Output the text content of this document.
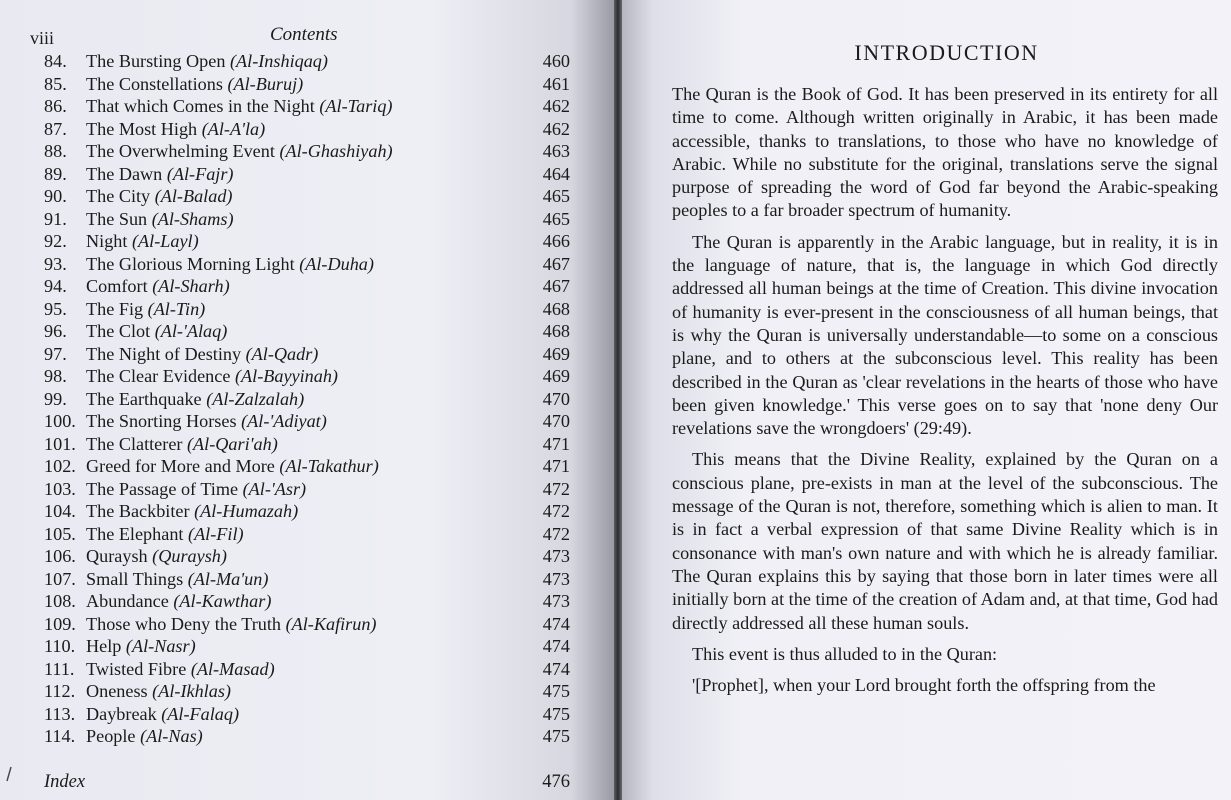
viii	Contents
84. The Bursting Open (Al-Inshiqaq)	460
85. The Constellations (Al-Buruj)	461
86. That which Comes in the Night (Al-Tariq)	462
87. The Most High (Al-A'la)	462
88. The Overwhelming Event (Al-Ghashiyah)	463
89. The Dawn (Al-Fajr)	464
90. The City (Al-Balad)	465
91. The Sun (Al-Shams)	465
92. Night (Al-Layl)	466
93. The Glorious Morning Light (Al-Duha)	467
94. Comfort (Al-Sharh)	467
95. The Fig (Al-Tin)	468
96. The Clot (Al-'Alaq)	468
97. The Night of Destiny (Al-Qadr)	469
98. The Clear Evidence (Al-Bayyinah)	469
99. The Earthquake (Al-Zalzalah)	470
100. The Snorting Horses (Al-'Adiyat)	470
101. The Clatterer (Al-Qari'ah)	471
102. Greed for More and More (Al-Takathur)	471
103. The Passage of Time (Al-'Asr)	472
104. The Backbiter (Al-Humazah)	472
105. The Elephant (Al-Fil)	472
106. Quraysh (Quraysh)	473
107. Small Things (Al-Ma'un)	473
108. Abundance (Al-Kawthar)	473
109. Those who Deny the Truth (Al-Kafirun)	474
110. Help (Al-Nasr)	474
111. Twisted Fibre (Al-Masad)	474
112. Oneness (Al-Ikhlas)	475
113. Daybreak (Al-Falaq)	475
114. People (Al-Nas)	475
Index	476
INTRODUCTION

The Quran is the Book of God. It has been preserved in its entirety for all time to come. Although written originally in Arabic, it has been made accessible, thanks to translations, to those who have no knowledge of Arabic. While no substitute for the original, translations serve the signal purpose of spreading the word of God far beyond the Arabic-speaking peoples to a far broader spectrum of humanity.

The Quran is apparently in the Arabic language, but in reality, it is in the language of nature, that is, the language in which God directly addressed all human beings at the time of Creation. This divine invocation of humanity is ever-present in the consciousness of all human beings, that is why the Quran is universally understandable—to some on a conscious plane, and to others at the subconscious level. This reality has been described in the Quran as 'clear revelations in the hearts of those who have been given knowledge.' This verse goes on to say that 'none deny Our revelations save the wrongdoers' (29:49).

This means that the Divine Reality, explained by the Quran on a conscious plane, pre-exists in man at the level of the subconscious. The message of the Quran is not, therefore, something which is alien to man. It is in fact a verbal expression of that same Divine Reality which is in consonance with man's own nature and with which he is already familiar. The Quran explains this by saying that those born in later times were all initially born at the time of the creation of Adam and, at that time, God had directly addressed all these human souls.

This event is thus alluded to in the Quran:

'[Prophet], when your Lord brought forth the offspring from the
